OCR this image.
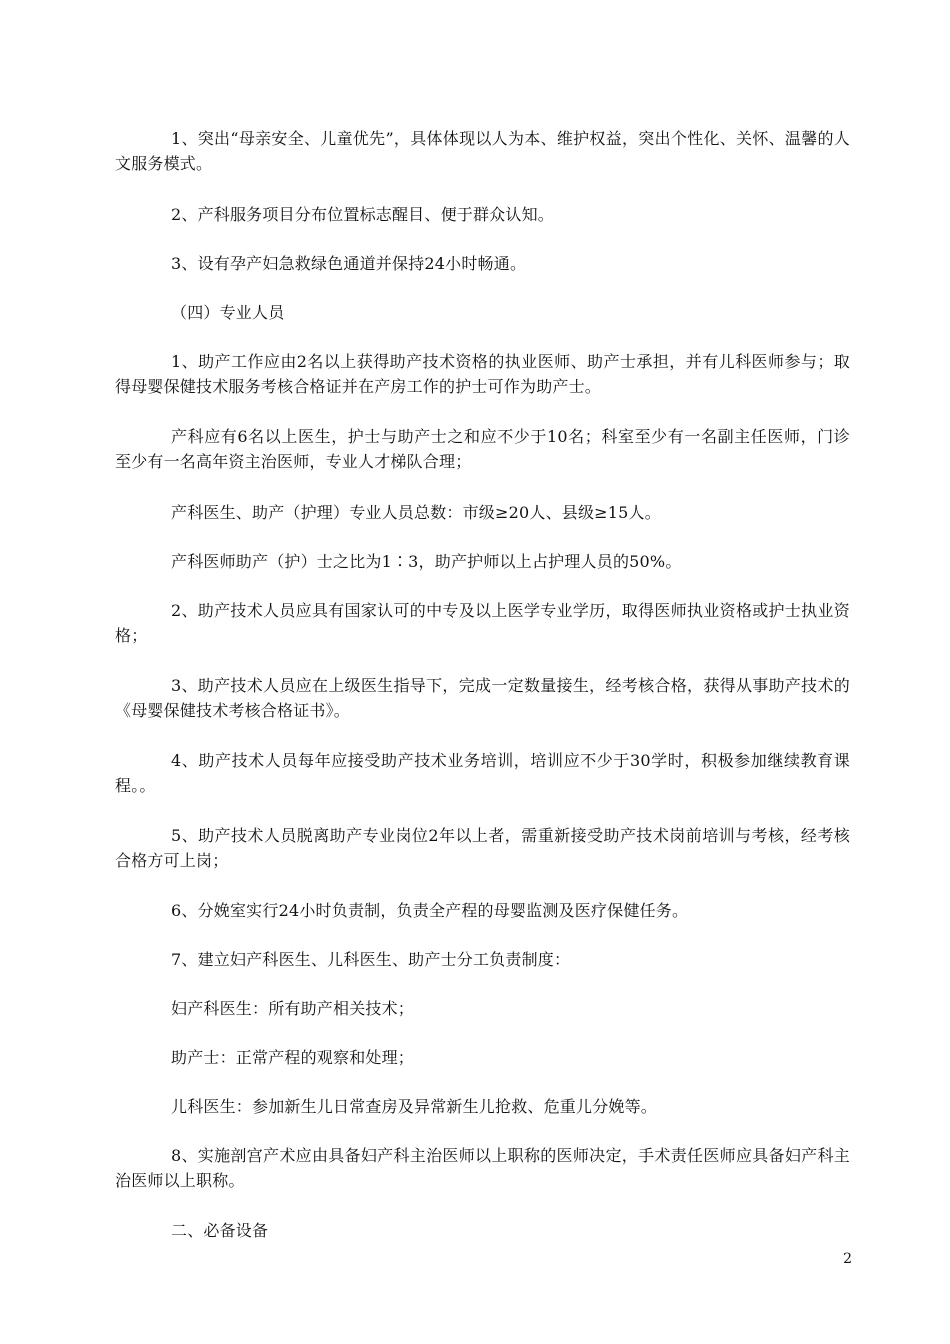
1、突出“母亲安全、儿童优先”，具体体现以人为本、维护权益，突出个性化、关怀、温馨的人文服务模式。

2、产科服务项目分布位置标志醒目、便于群众认知。

3、设有孕产妇急救绿色通道并保持24小时畅通。

（四）专业人员

1、助产工作应由2名以上获得助产技术资格的执业医师、助产士承担，并有儿科医师参与；取得母婴保健技术服务考核合格证并在产房工作的护士可作为助产士。

产科应有6名以上医生，护士与助产士之和应不少于10名；科室至少有一名副主任医师，门诊至少有一名高年资主治医师，专业人才梯队合理；

产科医生、助产（护理）专业人员总数：市级≥20人、县级≥15人。

产科医师助产（护）士之比为1∶3，助产护师以上占护理人员的50%。

2、助产技术人员应具有国家认可的中专及以上医学专业学历，取得医师执业资格或护士执业资格；

3、助产技术人员应在上级医生指导下，完成一定数量接生，经考核合格，获得从事助产技术的《母婴保健技术考核合格证书》。

4、助产技术人员每年应接受助产技术业务培训，培训应不少于30学时，积极参加继续教育课程。。

5、助产技术人员脱离助产专业岗位2年以上者，需重新接受助产技术岗前培训与考核，经考核合格方可上岗；

6、分娩室实行24小时负责制，负责全产程的母婴监测及医疗保健任务。

7、建立妇产科医生、儿科医生、助产士分工负责制度：

妇产科医生：所有助产相关技术；

助产士：正常产程的观察和处理；

儿科医生：参加新生儿日常查房及异常新生儿抢救、危重儿分娩等。

8、实施剖宫产术应由具备妇产科主治医师以上职称的医师决定，手术责任医师应具备妇产科主治医师以上职称。

二、必备设备

2
